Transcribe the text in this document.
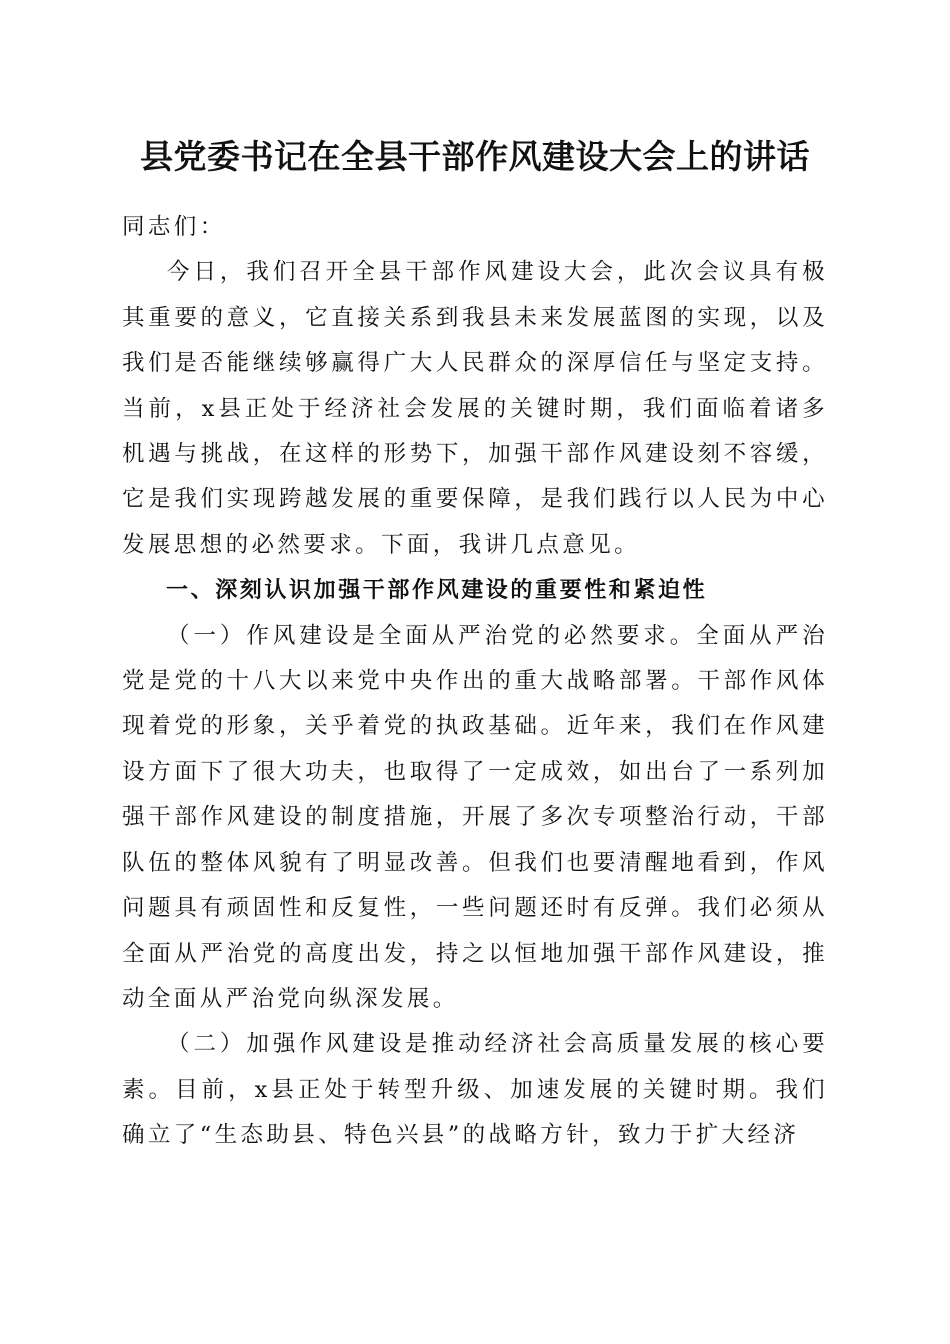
县党委书记在全县干部作风建设大会上的讲话

同志们：

今日，我们召开全县干部作风建设大会，此次会议具有极其重要的意义，它直接关系到我县未来发展蓝图的实现，以及我们是否能继续够赢得广大人民群众的深厚信任与坚定支持。当前，x县正处于经济社会发展的关键时期，我们面临着诸多机遇与挑战，在这样的形势下，加强干部作风建设刻不容缓，它是我们实现跨越发展的重要保障，是我们践行以人民为中心发展思想的必然要求。下面，我讲几点意见。

一、深刻认识加强干部作风建设的重要性和紧迫性

（一）作风建设是全面从严治党的必然要求。全面从严治党是党的十八大以来党中央作出的重大战略部署。干部作风体现着党的形象，关乎着党的执政基础。近年来，我们在作风建设方面下了很大功夫，也取得了一定成效，如出台了一系列加强干部作风建设的制度措施，开展了多次专项整治行动，干部队伍的整体风貌有了明显改善。但我们也要清醒地看到，作风问题具有顽固性和反复性，一些问题还时有反弹。我们必须从全面从严治党的高度出发，持之以恒地加强干部作风建设，推动全面从严治党向纵深发展。

（二）加强作风建设是推动经济社会高质量发展的核心要素。目前，x县正处于转型升级、加速发展的关键时期。我们确立了“生态助县、特色兴县”的战略方针，致力于扩大经济
